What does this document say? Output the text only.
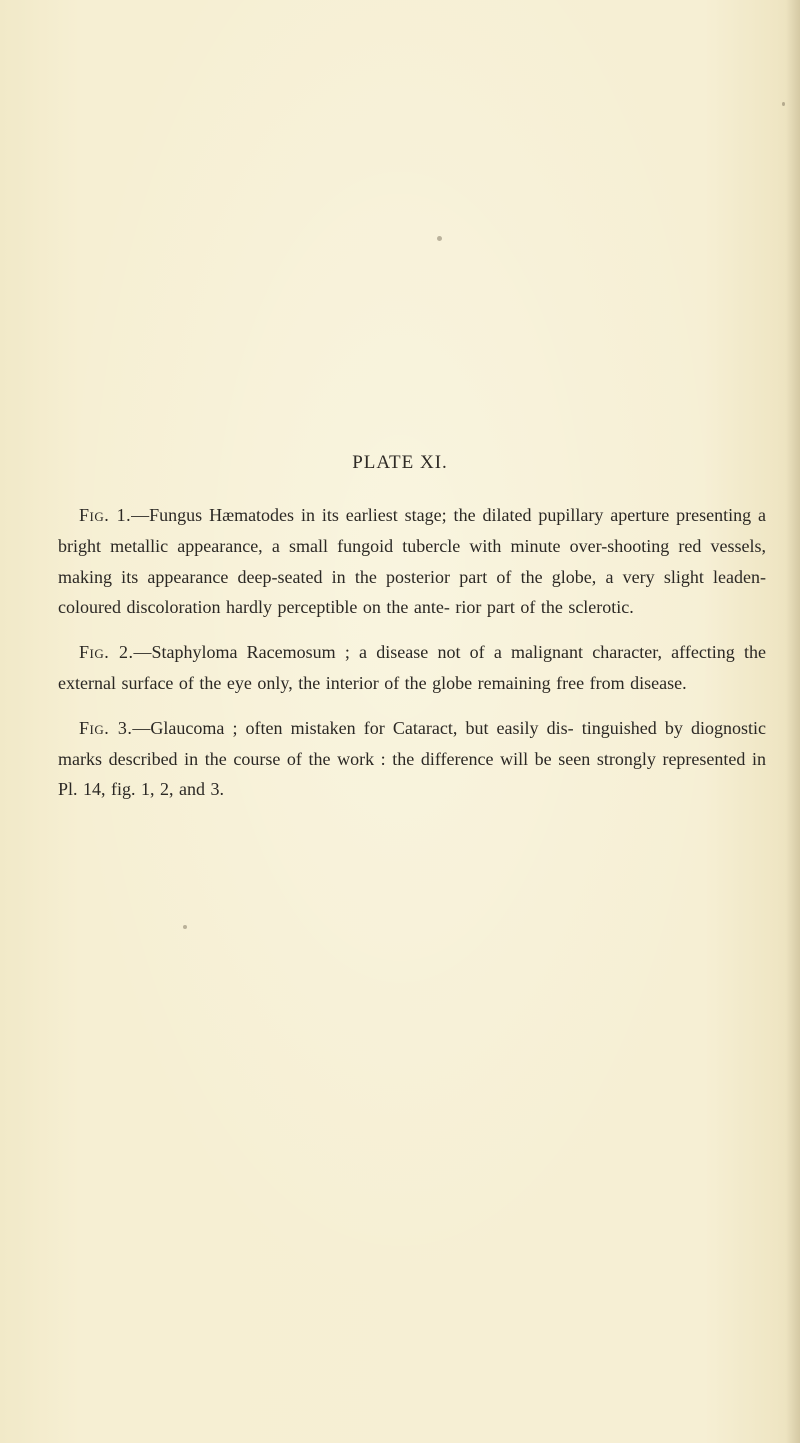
PLATE XI.

Fig. 1.—Fungus Hæmatodes in its earliest stage; the dilated pupillary aperture presenting a bright metallic appearance, a small fungoid tubercle with minute over-shooting red vessels, making its appearance deep-seated in the posterior part of the globe, a very slight leaden-coloured discoloration hardly perceptible on the ante- rior part of the sclerotic.

Fig. 2.—Staphyloma Racemosum ; a disease not of a malignant character, affecting the external surface of the eye only, the interior of the globe remaining free from disease.

Fig. 3.—Glaucoma ; often mistaken for Cataract, but easily dis- tinguished by diognostic marks described in the course of the work : the difference will be seen strongly represented in Pl. 14, fig. 1, 2, and 3.
